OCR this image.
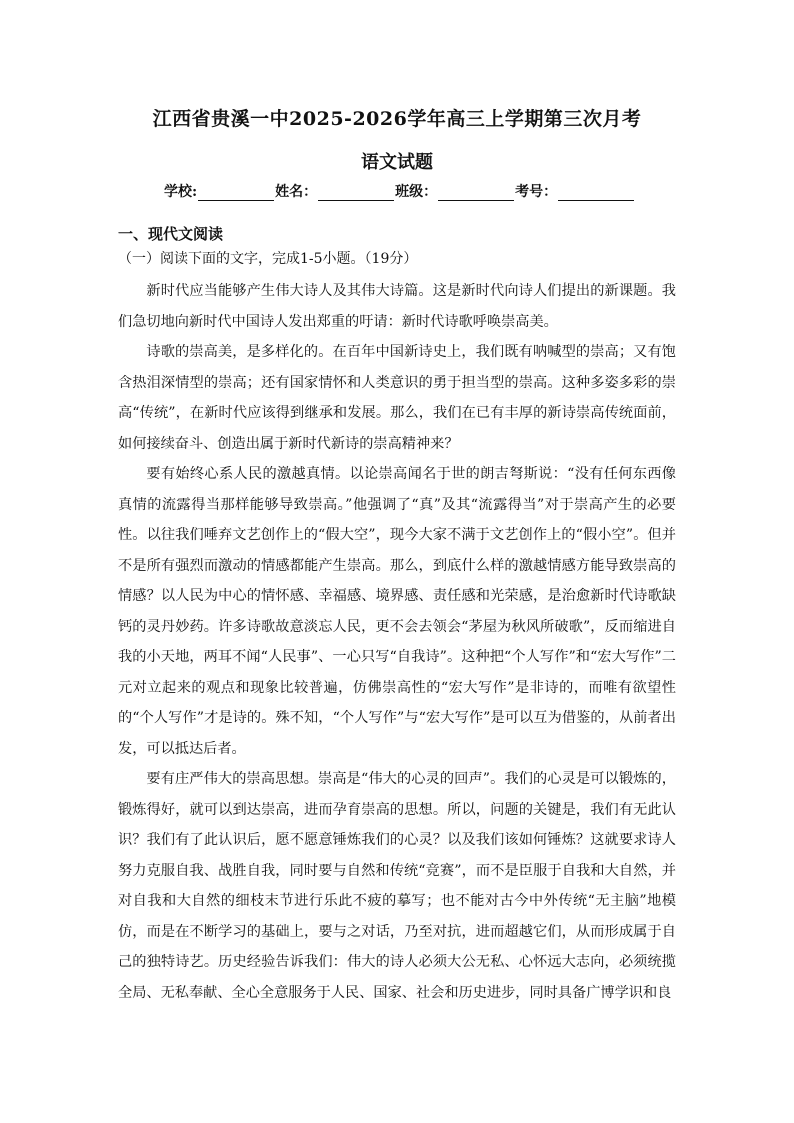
江西省贵溪一中2025-2026学年高三上学期第三次月考
语文试题
学校:	姓名：	班级：	考号：
一、现代文阅读
（一）阅读下面的文字，完成1-5小题。（19分）

新时代应当能够产生伟大诗人及其伟大诗篇。这是新时代向诗人们提出的新课题。我们急切地向新时代中国诗人发出郑重的吁请：新时代诗歌呼唤崇高美。

诗歌的崇高美，是多样化的。在百年中国新诗史上，我们既有呐喊型的崇高；又有饱含热泪深情型的崇高；还有国家情怀和人类意识的勇于担当型的崇高。这种多姿多彩的崇高“传统”，在新时代应该得到继承和发展。那么，我们在已有丰厚的新诗崇高传统面前，如何接续奋斗、创造出属于新时代新诗的崇高精神来？

要有始终心系人民的激越真情。以论崇高闻名于世的朗吉弩斯说：“没有任何东西像真情的流露得当那样能够导致崇高。”他强调了“真”及其“流露得当”对于崇高产生的必要性。以往我们唾弃文艺创作上的“假大空”，现今大家不满于文艺创作上的“假小空”。但并不是所有强烈而激动的情感都能产生崇高。那么，到底什么样的激越情感方能导致崇高的情感？以人民为中心的情怀感、幸福感、境界感、责任感和光荣感，是治愈新时代诗歌缺钙的灵丹妙药。许多诗歌故意淡忘人民，更不会去领会“茅屋为秋风所破歌”，反而缩进自我的小天地，两耳不闻“人民事”、一心只写“自我诗”。这种把“个人写作”和“宏大写作”二元对立起来的观点和现象比较普遍，仿佛崇高性的“宏大写作”是非诗的，而唯有欲望性的“个人写作”才是诗的。殊不知，“个人写作”与“宏大写作”是可以互为借鉴的，从前者出发，可以抵达后者。

要有庄严伟大的崇高思想。崇高是“伟大的心灵的回声”。我们的心灵是可以锻炼的，锻炼得好，就可以到达崇高，进而孕育崇高的思想。所以，问题的关键是，我们有无此认识？我们有了此认识后，愿不愿意锤炼我们的心灵？以及我们该如何锤炼？这就要求诗人努力克服自我、战胜自我，同时要与自然和传统“竞赛”，而不是臣服于自我和大自然，并对自我和大自然的细枝末节进行乐此不疲的摹写；也不能对古今中外传统“无主脑”地模仿，而是在不断学习的基础上，要与之对话，乃至对抗，进而超越它们，从而形成属于自己的独特诗艺。历史经验告诉我们：伟大的诗人必须大公无私、心怀远大志向，必须统揽全局、无私奉献、全心全意服务于人民、国家、社会和历史进步，同时具备广博学识和良
